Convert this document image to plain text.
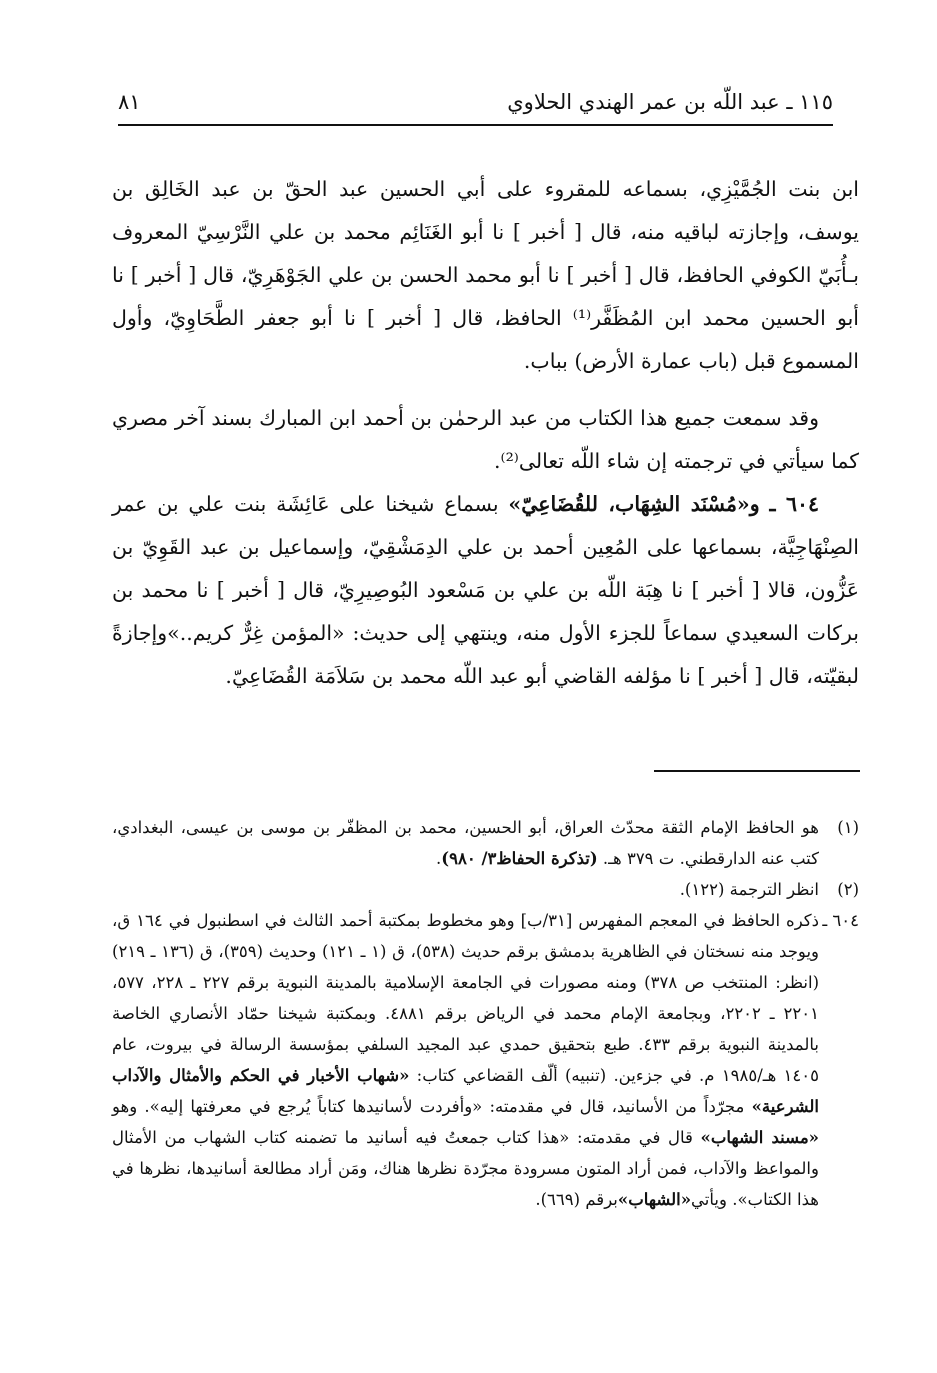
١١٥ ـ عبد اللّه بن عمر الهندي الحلاوي
٨١

ابن بنت الجُمَّيْزِي، بسماعه للمقروء على أبي الحسين عبد الحقّ بن عبد الخَالِق بن يوسف، وإجازته لباقيه منه، قال [ أخبر ] نا أبو الغَنَائِم محمد بن علي النَّرْسِيّ المعروف بـأُبَيّ الكوفي الحافظ، قال [ أخبر ] نا أبو محمد الحسن بن علي الجَوْهَرِيّ، قال [ أخبر ] نا أبو الحسين محمد ابن المُظَفَّر⁽¹⁾ الحافظ، قال [ أخبر ] نا أبو جعفر الطَّحَاوِيّ، وأول المسموع قبل (باب عمارة الأرض) بباب.

وقد سمعت جميع هذا الكتاب من عبد الرحمٰن بن أحمد ابن المبارك بسند آخر مصري كما سيأتي في ترجمته إن شاء اللّه تعالى⁽²⁾.

٦٠٤ ـ و«مُسْنَد الشِهَاب، للقُضَاعِيّ» بسماع شيخنا على عَائِشَة بنت علي بن عمر الصِنْهَاجِيَّة، بسماعها على المُعِين أحمد بن علي الدِمَشْقِيّ، وإسماعيل بن عبد القَوِيّ بن عَزُّون، قالا [ أخبر ] نا هِبَة اللّه بن علي بن مَسْعود البُوصِيرِيّ، قال [ أخبر ] نا محمد بن بركات السعيدي سماعاً للجزء الأول منه، وينتهي إلى حديث: «المؤمن غِرٌّ كريم..»وإجازةً لبقيّته، قال [ أخبر ] نا مؤلفه القاضي أبو عبد اللّه محمد بن سَلاَمَة القُضَاعِيّ.

(١)
هو الحافظ الإمام الثقة محدّث العراق، أبو الحسين، محمد بن المظفّر بن موسى بن عيسى، البغدادي، كتب عنه الدارقطني. ت ٣٧٩ هـ. (تذكرة الحفاظ٣/ ٩٨٠).

(٢)
انظر الترجمة (١٢٢).

٦٠٤ ـ
ذكره الحافظ في المعجم المفهرس [٣١/ب] وهو مخطوط بمكتبة أحمد الثالث في اسطنبول في ١٦٤ ق، ويوجد منه نسختان في الظاهرية بدمشق برقم حديث (٥٣٨)، ق (١ ـ ١٢١) وحديث (٣٥٩)، ق (١٣٦ ـ ٢١٩) (انظر: المنتخب ص ٣٧٨) ومنه مصورات في الجامعة الإسلامية بالمدينة النبوية برقم ٢٢٧ ـ ٢٢٨، ٥٧٧، ٢٢٠١ ـ ٢٢٠٢، وبجامعة الإمام محمد في الرياض برقم ٤٨٨١. وبمكتبة شيخنا حمّاد الأنصاري الخاصة بالمدينة النبوية برقم ٤٣٣. طبع بتحقيق حمدي عبد المجيد السلفي بمؤسسة الرسالة في بيروت، عام ١٤٠٥ هـ/١٩٨٥ م. في جزءين. (تنبيه) ألّف القضاعي كتاب: «شهاب الأخبار في الحكم والأمثال والآداب الشرعية» مجرّداً من الأسانيد، قال في مقدمته: «وأفردت لأسانيدها كتاباً يُرجع في معرفتها إليه». وهو «مسند الشهاب» قال في مقدمته: «هذا كتاب جمعتُ فيه أسانيد ما تضمنه كتاب الشهاب من الأمثال والمواعظ والآداب، فمن أراد المتون مسرودة مجرّدة نظرها هناك، ومَن أراد مطالعة أسانيدها، نظرها في هذا الكتاب». ويأتي«الشهاب»برقم (٦٦٩).
